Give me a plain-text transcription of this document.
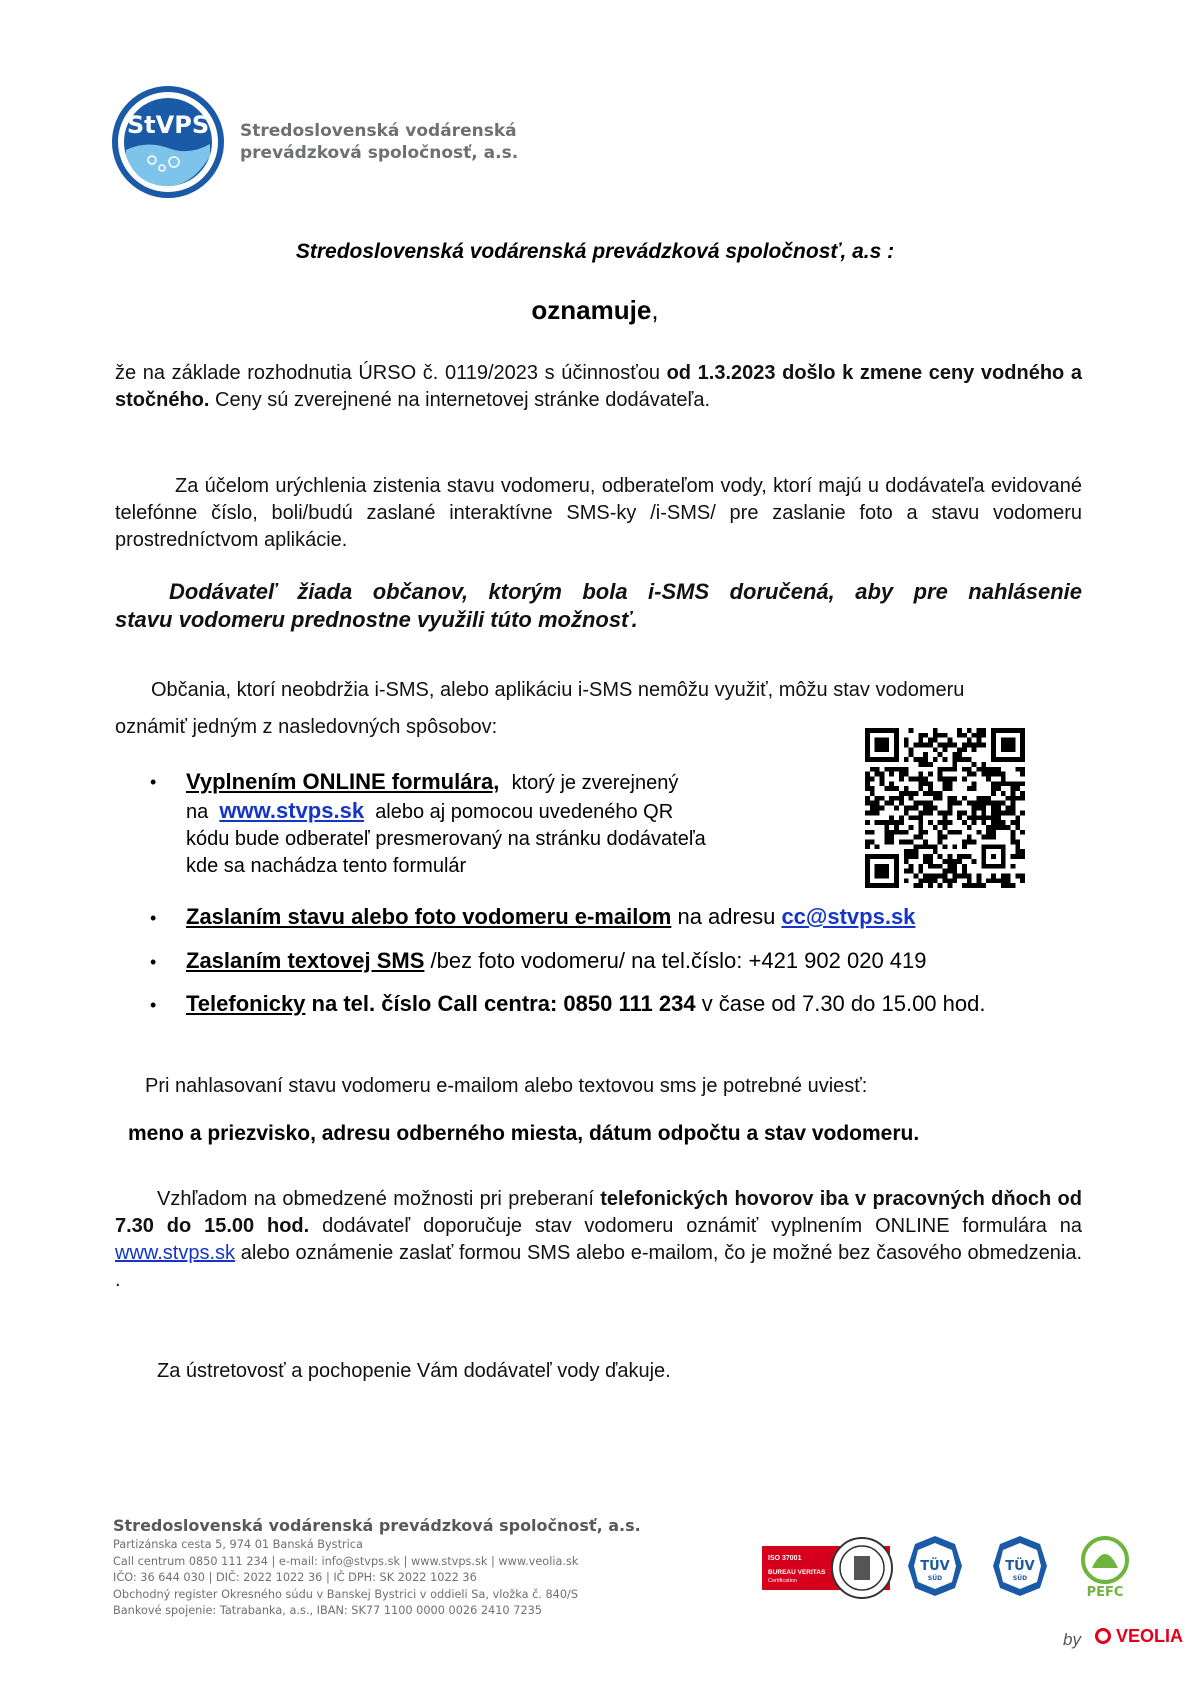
StVPS Stredoslovenská vodárenská
prevádzková spoločnosť, a.s.
Stredoslovenská vodárenská prevádzková spoločnosť, a.s :
oznamuje,
že na základe rozhodnutia ÚRSO č. 0119/2023 s účinnosťou od 1.3.2023 došlo k zmene ceny vodného a stočného. Ceny sú zverejnené na internetovej stránke dodávateľa.
Za účelom urýchlenia zistenia stavu vodomeru, odberateľom vody, ktorí majú u dodávateľa evidované telefónne číslo, boli/budú zaslané interaktívne SMS-ky /i-SMS/ pre zaslanie foto a stavu vodomeru prostredníctvom aplikácie.
Dodávateľ žiada občanov, ktorým bola i-SMS doručená, aby pre nahlásenie
stavu vodomeru prednostne využili túto možnosť.
Občania, ktorí neobdržia i-SMS, alebo aplikáciu i-SMS nemôžu využiť, môžu stav vodomeru
oznámiť jedným z nasledovných spôsobov:
• Vyplnením ONLINE formulára, ktorý je zverejnený
na www.stvps.sk alebo aj pomocou uvedeného QR
kódu bude odberateľ presmerovaný na stránku dodávateľa
kde sa nachádza tento formulár
• Zaslaním stavu alebo foto vodomeru e-mailom na adresu cc@stvps.sk
• Zaslaním textovej SMS /bez foto vodomeru/ na tel.číslo: +421 902 020 419
• Telefonicky na tel. číslo Call centra: 0850 111 234 v čase od 7.30 do 15.00 hod.
Pri nahlasovaní stavu vodomeru e-mailom alebo textovou sms je potrebné uviesť:
meno a priezvisko, adresu odberného miesta, dátum odpočtu a stav vodomeru.
Vzhľadom na obmedzené možnosti pri preberaní telefonických hovorov iba v pracovných dňoch od 7.30 do 15.00 hod. dodávateľ doporučuje stav vodomeru oznámiť vyplnením ONLINE formulára na www.stvps.sk alebo oznámenie zaslať formou SMS alebo e-mailom, čo je možné bez časového obmedzenia. .
Za ústretovosť a pochopenie Vám dodávateľ vody ďakuje.
Stredoslovenská vodárenská prevádzková spoločnosť, a.s.
Partizánska cesta 5, 974 01 Banská Bystrica
Call centrum 0850 111 234 | e-mail: info@stvps.sk | www.stvps.sk | www.veolia.sk
IČO: 36 644 030 | DIČ: 2022 1022 36 | IČ DPH: SK 2022 1022 36
Obchodný register Okresného súdu v Banskej Bystrici v oddieli Sa, vložka č. 840/S
Bankové spojenie: Tatrabanka, a.s., IBAN: SK77 1100 0000 0026 2410 7235
ISO 37001
BUREAU VERITAS
Certification
TÜV
SÜD
TÜV
SÜD
PEFC
by	VEOLIA
